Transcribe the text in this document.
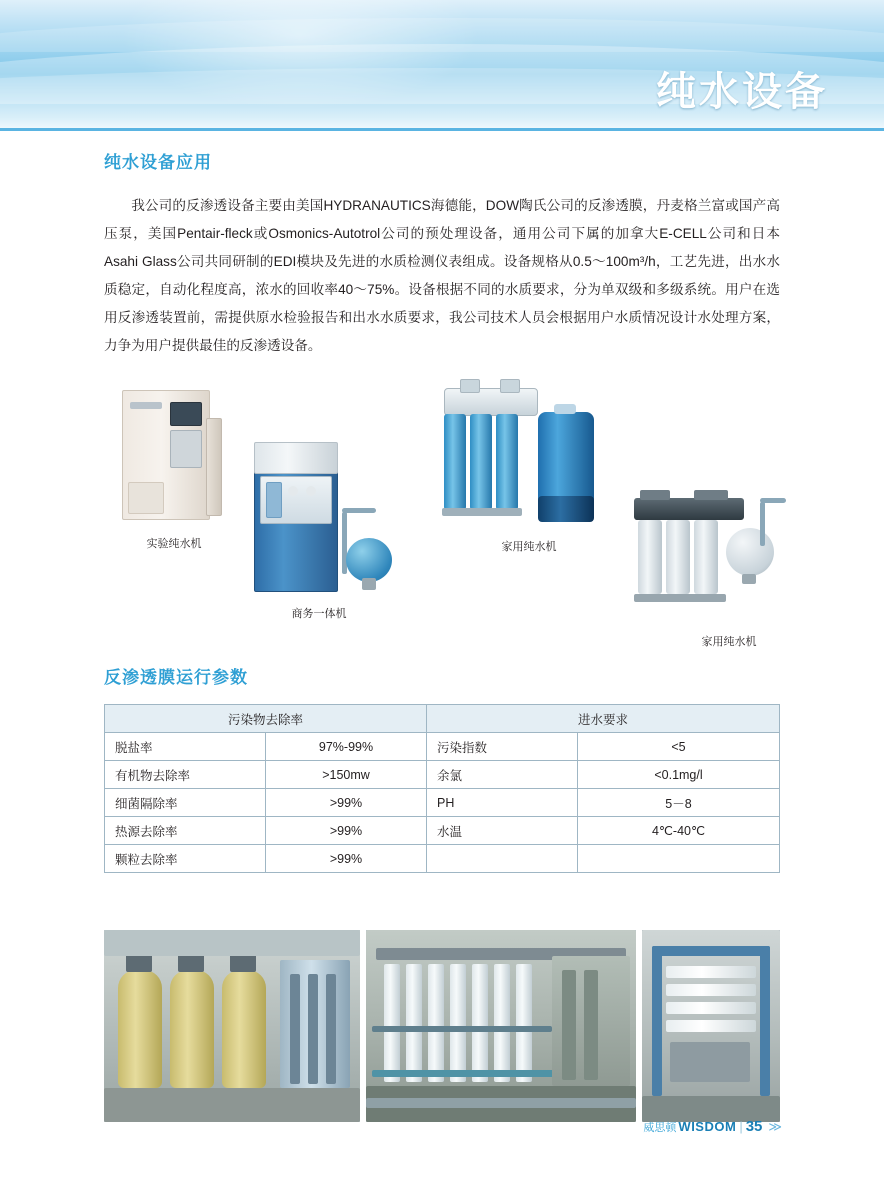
纯水设备
纯水设备应用
我公司的反渗透设备主要由美国HYDRANAUTICS海德能，DOW陶氏公司的反渗透膜，丹麦格兰富或国产高压泵，美国Pentair-fleck或Osmonics-Autotrol公司的预处理设备，通用公司下属的加拿大E-CELL公司和日本Asahi Glass公司共同研制的EDI模块及先进的水质检测仪表组成。设备规格从0.5～100m³/h，工艺先进，出水水质稳定，自动化程度高，浓水的回收率40～75%。设备根据不同的水质要求，分为单双级和多级系统。用户在选用反渗透装置前，需提供原水检验报告和出水水质要求，我公司技术人员会根据用户水质情况设计水处理方案，力争为用户提供最佳的反渗透设备。
实验纯水机
商务一体机
家用纯水机
家用纯水机
反渗透膜运行参数
污染物去除率		进水要求	
脱盐率	97%-99%	污染指数	<5
有机物去除率	>150mw	余氯	<0.1mg/l
细菌隔除率	>99%	PH	5－8
热源去除率	>99%	水温	4℃-40℃
颗粒去除率	>99%		
威思顿 WISDOM | 35 ≫
